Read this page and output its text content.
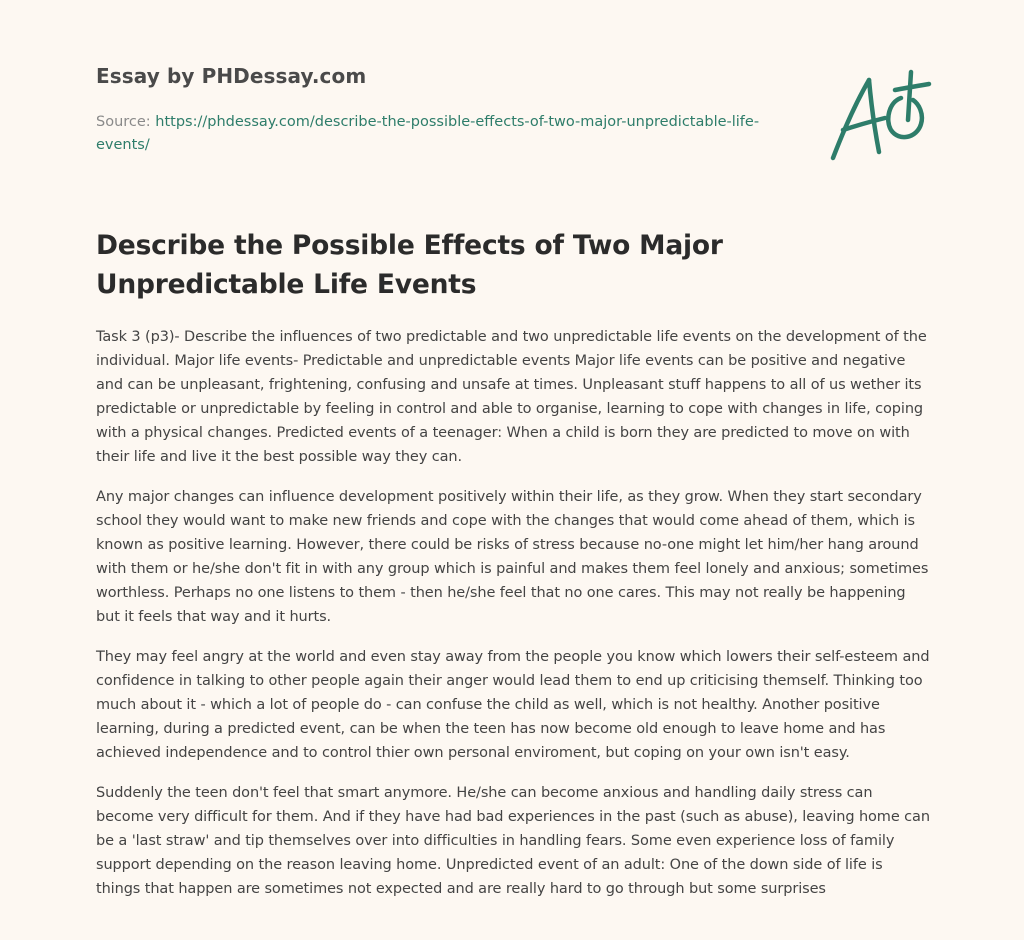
Essay by PHDessay.com
Source: https://phdessay.com/describe-the-possible-effects-of-two-major-unpredictable-life-events/
Describe the Possible Effects of Two Major Unpredictable Life Events

Task 3 (p3)- Describe the influences of two predictable and two unpredictable life events on the development of the individual. Major life events- Predictable and unpredictable events Major life events can be positive and negative and can be unpleasant, frightening, confusing and unsafe at times. Unpleasant stuff happens to all of us wether its predictable or unpredictable by feeling in control and able to organise, learning to cope with changes in life, coping with a physical changes. Predicted events of a teenager: When a child is born they are predicted to move on with their life and live it the best possible way they can.

Any major changes can influence development positively within their life, as they grow. When they start secondary school they would want to make new friends and cope with the changes that would come ahead of them, which is known as positive learning. However, there could be risks of stress because no-one might let him/her hang around with them or he/she don't fit in with any group which is painful and makes them feel lonely and anxious; sometimes worthless. Perhaps no one listens to them - then he/she feel that no one cares. This may not really be happening but it feels that way and it hurts.

They may feel angry at the world and even stay away from the people you know which lowers their self-esteem and confidence in talking to other people again their anger would lead them to end up criticising themself. Thinking too much about it - which a lot of people do - can confuse the child as well, which is not healthy. Another positive learning, during a predicted event, can be when the teen has now become old enough to leave home and has achieved independence and to control thier own personal enviroment, but coping on your own isn't easy.

Suddenly the teen don't feel that smart anymore. He/she can become anxious and handling daily stress can become very difficult for them. And if they have had bad experiences in the past (such as abuse), leaving home can be a 'last straw' and tip themselves over into difficulties in handling fears. Some even experience loss of family support depending on the reason leaving home. Unpredicted event of an adult: One of the down side of life is things that happen are sometimes not expected and are really hard to go through but some surprises
